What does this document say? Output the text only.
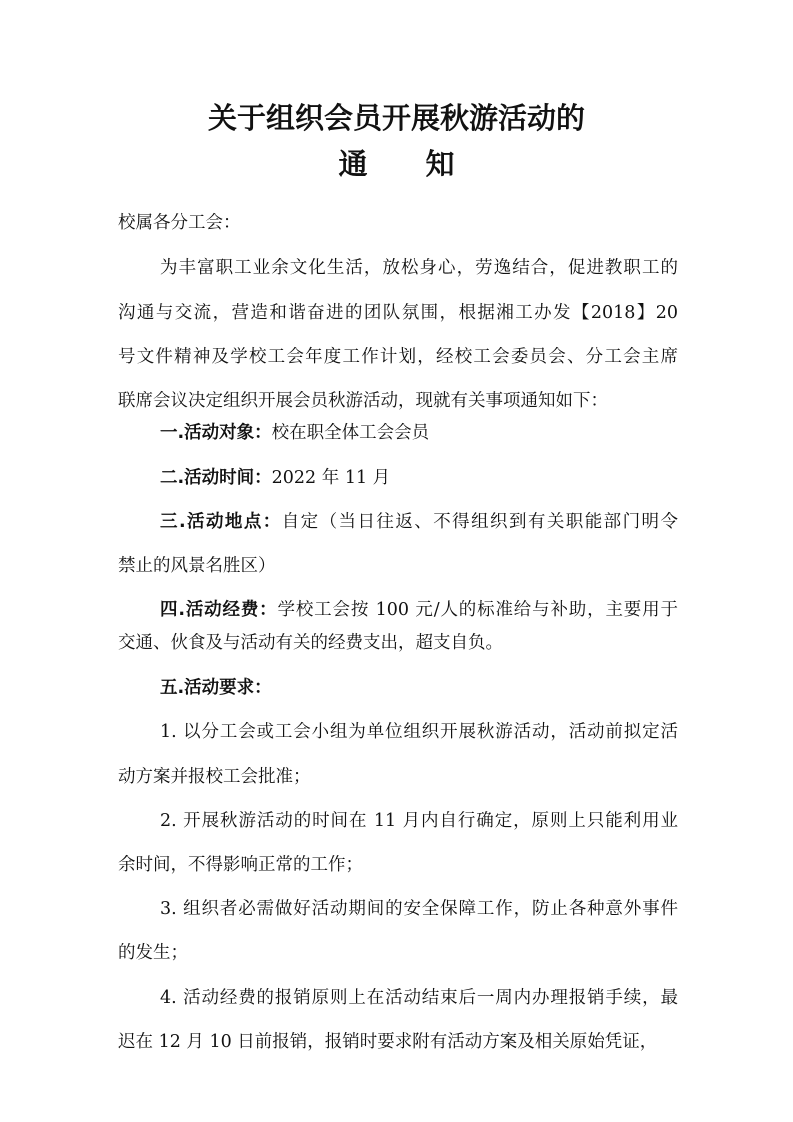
关于组织会员开展秋游活动的
通 知
校属各分工会：
为丰富职工业余文化生活，放松身心，劳逸结合，促进教职工的
沟通与交流，营造和谐奋进的团队氛围，根据湘工办发【2018】20
号文件精神及学校工会年度工作计划，经校工会委员会、分工会主席
联席会议决定组织开展会员秋游活动，现就有关事项通知如下：
一.活动对象：校在职全体工会会员
二.活动时间：2022 年 11 月
三.活动地点：自定（当日往返、不得组织到有关职能部门明令
禁止的风景名胜区）
四.活动经费：学校工会按 100 元/人的标准给与补助，主要用于
交通、伙食及与活动有关的经费支出，超支自负。
五.活动要求：
1. 以分工会或工会小组为单位组织开展秋游活动，活动前拟定活
动方案并报校工会批准；
2. 开展秋游活动的时间在 11 月内自行确定，原则上只能利用业
余时间，不得影响正常的工作；
3. 组织者必需做好活动期间的安全保障工作，防止各种意外事件
的发生；
4. 活动经费的报销原则上在活动结束后一周内办理报销手续，最
迟在 12 月 10 日前报销，报销时要求附有活动方案及相关原始凭证，
